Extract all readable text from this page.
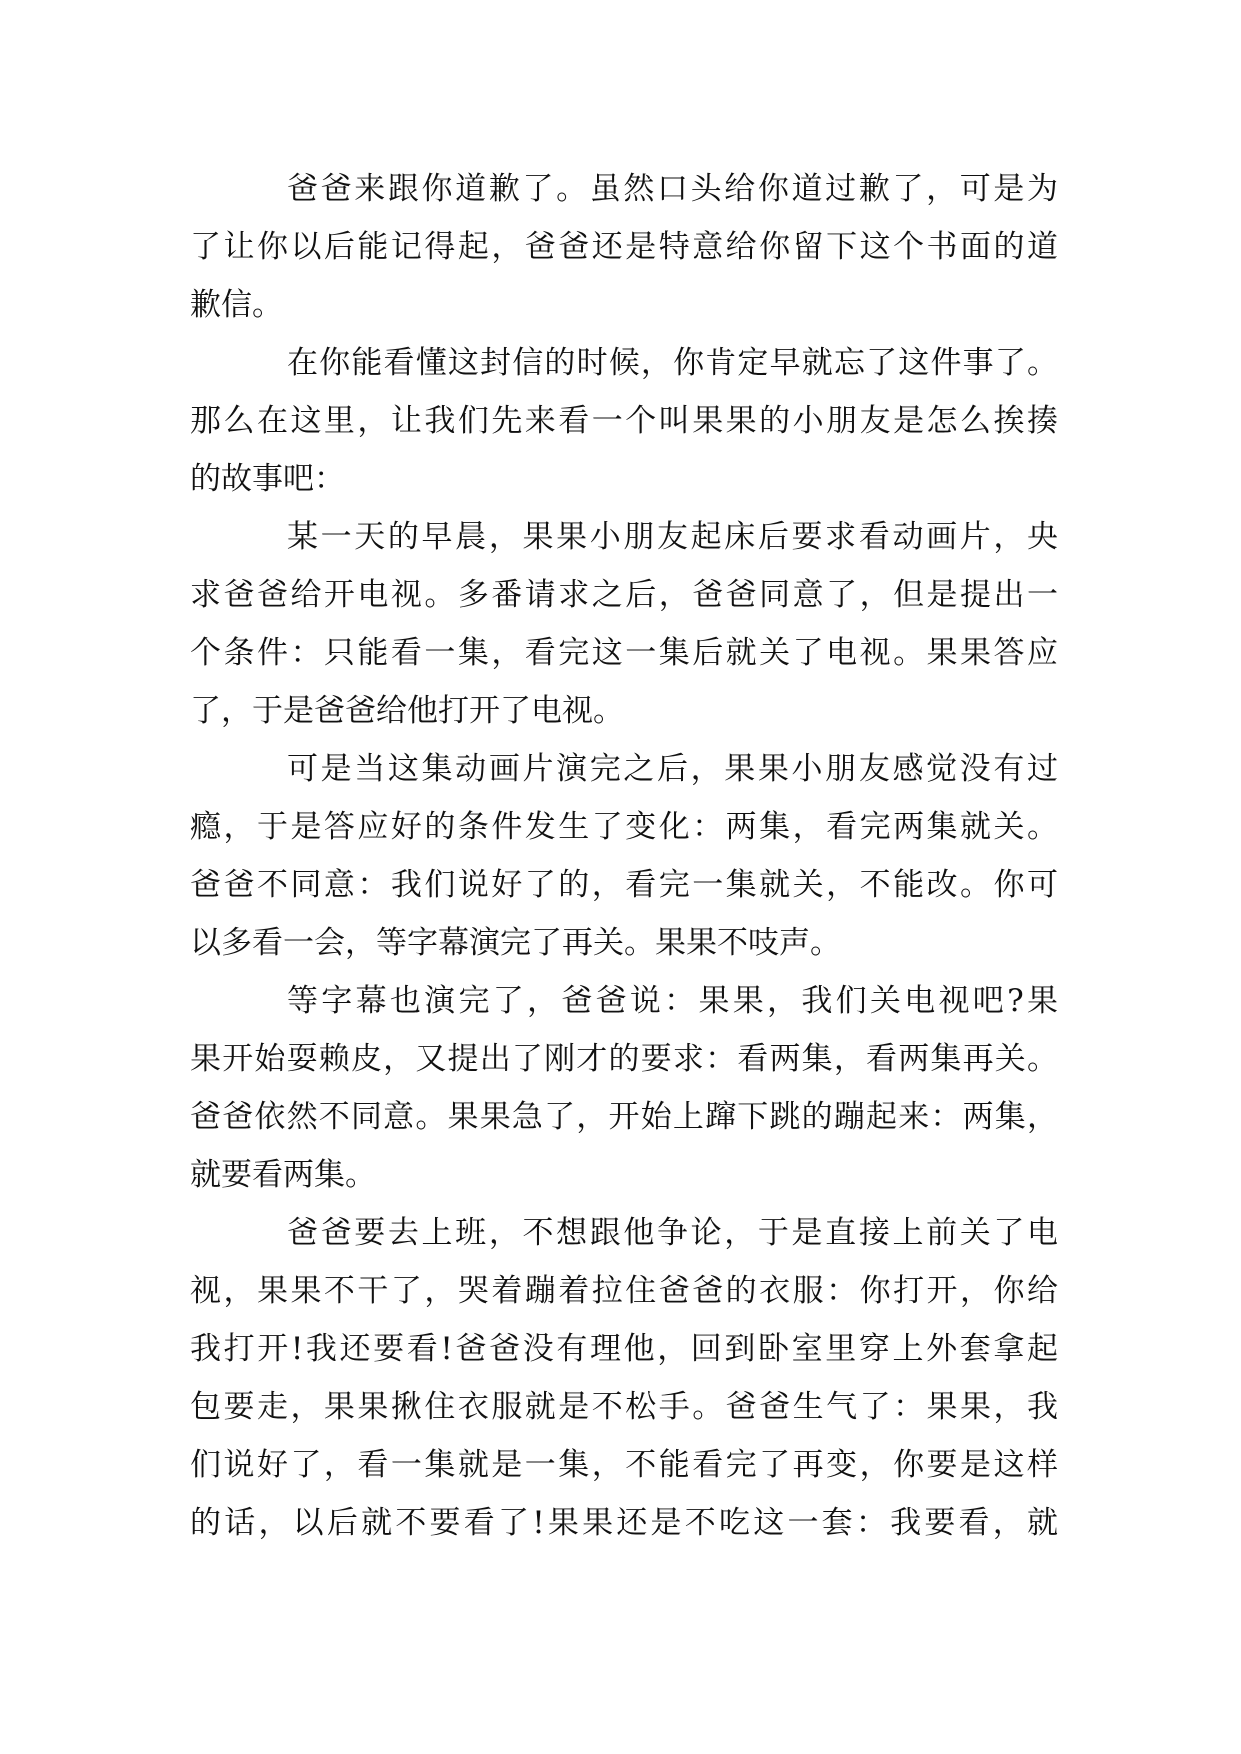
爸爸来跟你道歉了。虽然口头给你道过歉了，可是为
了让你以后能记得起，爸爸还是特意给你留下这个书面的道
歉信。
在你能看懂这封信的时候，你肯定早就忘了这件事了。
那么在这里，让我们先来看一个叫果果的小朋友是怎么挨揍
的故事吧：
某一天的早晨，果果小朋友起床后要求看动画片，央
求爸爸给开电视。多番请求之后，爸爸同意了，但是提出一
个条件：只能看一集，看完这一集后就关了电视。果果答应
了，于是爸爸给他打开了电视。
可是当这集动画片演完之后，果果小朋友感觉没有过
瘾，于是答应好的条件发生了变化：两集，看完两集就关。
爸爸不同意：我们说好了的，看完一集就关，不能改。你可
以多看一会，等字幕演完了再关。果果不吱声。
等字幕也演完了，爸爸说：果果，我们关电视吧?果
果开始耍赖皮，又提出了刚才的要求：看两集，看两集再关。
爸爸依然不同意。果果急了，开始上蹿下跳的蹦起来：两集，
就要看两集。
爸爸要去上班，不想跟他争论，于是直接上前关了电
视，果果不干了，哭着蹦着拉住爸爸的衣服：你打开，你给
我打开!我还要看!爸爸没有理他，回到卧室里穿上外套拿起
包要走，果果揪住衣服就是不松手。爸爸生气了：果果，我
们说好了，看一集就是一集，不能看完了再变，你要是这样
的话，以后就不要看了!果果还是不吃这一套：我要看，就
